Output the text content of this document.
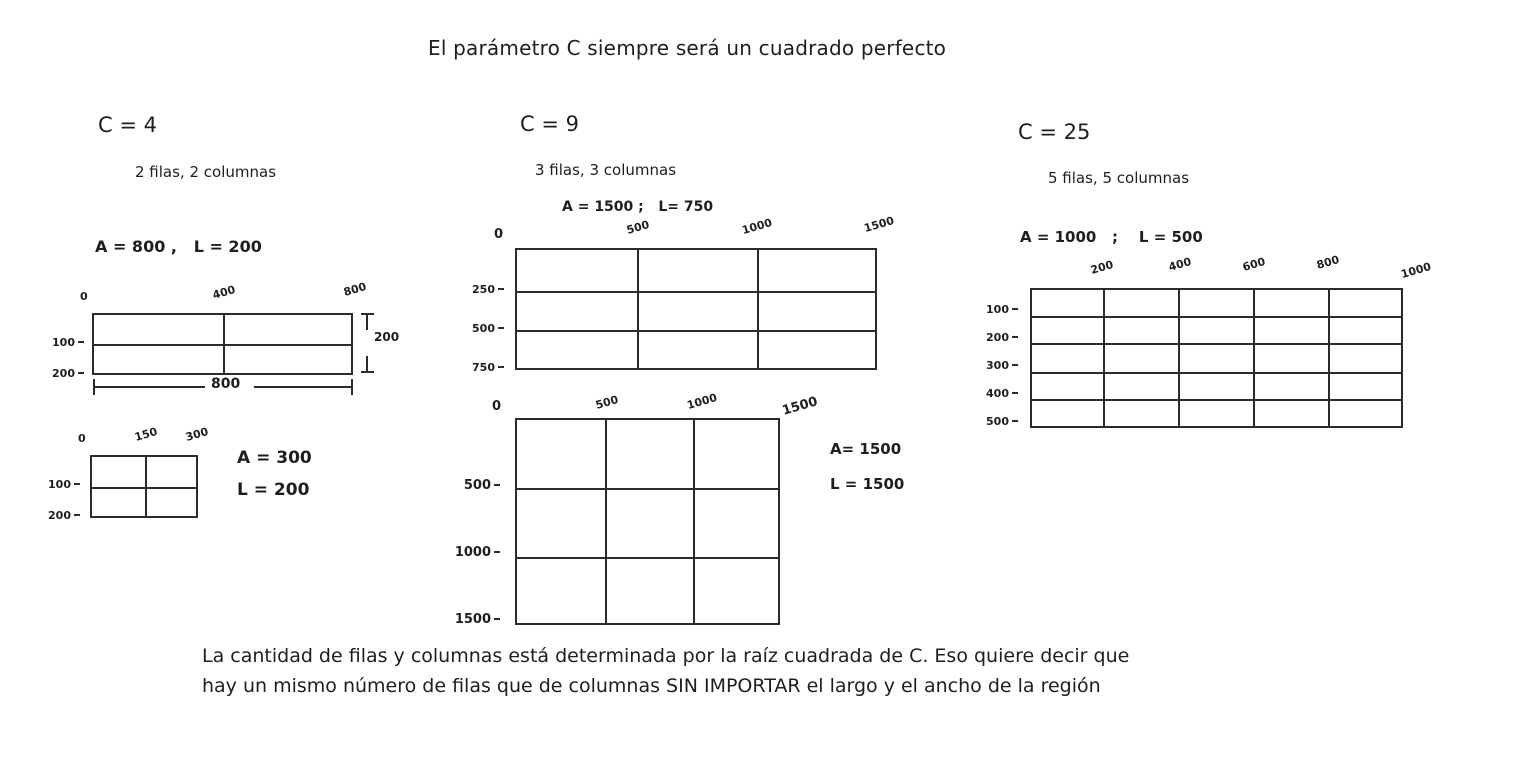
El parámetro C siempre será un cuadrado perfecto
C = 4
2 filas, 2 columnas
A = 800 ,   L = 200
0	400	800
100
200
200
800
0	150 300
100
200
A = 300
L = 200
C = 9
3 filas, 3 columnas
A = 1500 ;   L= 750
0	500	1000	1500
250
500
750
0	500	1000	1500
500
1000
1500
A= 1500
L = 1500
C = 25
5 filas, 5 columnas
A = 1000   ;    L = 500
200	400	600	800	1000
100
200
300
400
500
La cantidad de filas y columnas está determinada por la raíz cuadrada de C. Eso quiere decir que
hay un mismo número de filas que de columnas SIN IMPORTAR el largo y el ancho de la región
